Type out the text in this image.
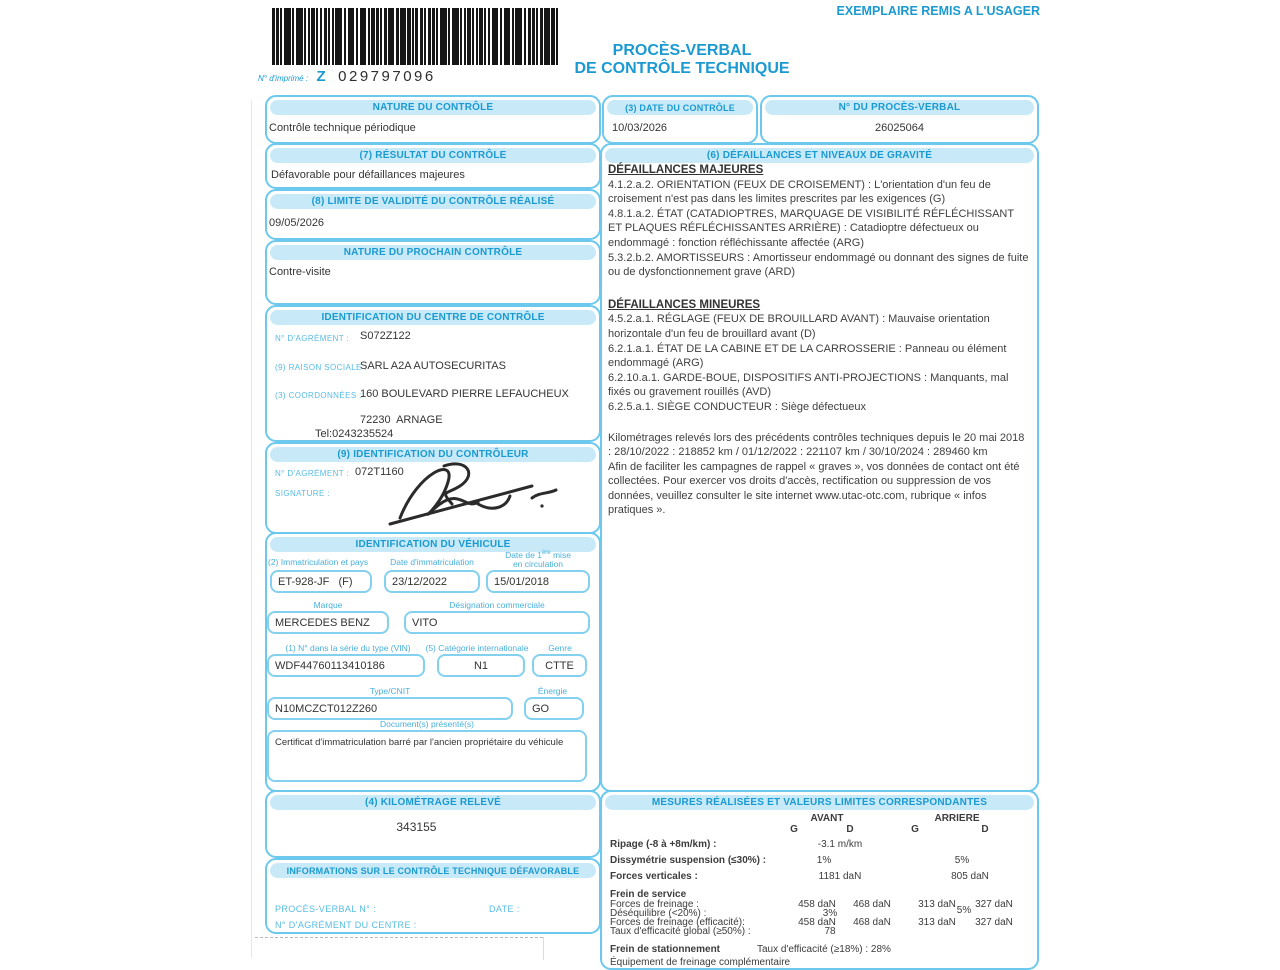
EXEMPLAIRE REMIS A L'USAGER
N° d'imprimé : Z 029797096
PROCÈS-VERBAL
DE CONTRÔLE TECHNIQUE
NATURE DU CONTRÔLE
Contrôle technique périodique
(3) DATE DU CONTRÔLE
10/03/2026
N° DU PROCÈS-VERBAL
26025064
(7) RÉSULTAT DU CONTRÔLE
Défavorable pour défaillances majeures
(8) LIMITE DE VALIDITÉ DU CONTRÔLE RÉALISÉ
09/05/2026
NATURE DU PROCHAIN CONTRÔLE
Contre-visite
IDENTIFICATION DU CENTRE DE CONTRÔLE
N° D'AGRÉMENT : S072Z122
(9) RAISON SOCIALE :
SARL A2A AUTOSECURITAS
(3) COORDONNÉES :
160 BOULEVARD PIERRE LEFAUCHEUX
72230  ARNAGE
Tel:0243235524
(9) IDENTIFICATION DU CONTRÔLEUR
N° D'AGRÉMENT : 072T1160
SIGNATURE :
IDENTIFICATION DU VÉHICULE
(2) Immatriculation et pays	Date d'immatriculation
Date de 1ère mise
en circulation
ET-928-JF   (F)	23/12/2022	15/01/2018
Marque	Désignation commerciale
MERCEDES BENZ	VITO
(1) N° dans la série du type (VIN)	(5) Catégorie internationale	Genre
WDF44760113410186	N1	CTTE
Type/CNIT	Énergie
N10MCZCT012Z260	GO
Document(s) présenté(s)
Certificat d'immatriculation barré par l'ancien propriétaire du véhicule
(6) DÉFAILLANCES ET NIVEAUX DE GRAVITÉ

DÉFAILLANCES MAJEURES

4.1.2.a.2. ORIENTATION (FEUX DE CROISEMENT) : L'orientation d'un feu de croisement n'est pas dans les limites prescrites par les exigences (G)

4.8.1.a.2. ÉTAT (CATADIOPTRES, MARQUAGE DE VISIBILITÉ RÉFLÉCHISSANT ET PLAQUES RÉFLÉCHISSANTES ARRIÈRE) : Catadioptre défectueux ou endommagé : fonction réfléchissante affectée (ARG)

5.3.2.b.2. AMORTISSEURS : Amortisseur endommagé ou donnant des signes de fuite ou de dysfonctionnement grave (ARD)

DÉFAILLANCES MINEURES

4.5.2.a.1. RÉGLAGE (FEUX DE BROUILLARD AVANT) : Mauvaise orientation horizontale d'un feu de brouillard avant (D)

6.2.1.a.1. ÉTAT DE LA CABINE ET DE LA CARROSSERIE : Panneau ou élément endommagé (ARG)

6.2.10.a.1. GARDE-BOUE, DISPOSITIFS ANTI-PROJECTIONS : Manquants, mal fixés ou gravement rouillés (AVD)

6.2.5.a.1. SIÈGE CONDUCTEUR : Siège défectueux

Kilométrages relevés lors des précédents contrôles techniques depuis le 20 mai 2018 : 28/10/2022 : 218852 km / 01/12/2022 : 221107 km / 30/10/2024 : 289460 km

Afin de faciliter les campagnes de rappel « graves », vos données de contact ont été collectées. Pour exercer vos droits d'accès, rectification ou suppression de vos données, veuillez consulter le site internet www.utac-otc.com, rubrique « infos pratiques ».

(4) KILOMÉTRAGE RELEVÉ
343155
INFORMATIONS SUR LE CONTRÔLE TECHNIQUE DÉFAVORABLE
PROCÈS-VERBAL N° :	DATE :
N° D'AGRÉMENT DU CENTRE :
MESURES RÉALISÉES ET VALEURS LIMITES CORRESPONDANTES
AVANT	ARRIERE
G	D	G	D
Ripage (-8 à +8m/km) :	-3.1 m/km
Dissymétrie suspension (≤30%) :	1%	5%
Forces verticales :	1181 daN	805 daN
Frein de service
Forces de freinage :	458 daN	468 daN	313 daN	327 daN
Déséquilibre (<20%) :	3%	5%
Forces de freinage (efficacité):	458 daN	468 daN	313 daN	327 daN
Taux d'efficacité global (≥50%) :	78
Frein de stationnement	Taux d'efficacité (≥18%) : 28%
Équipement de freinage complémentaire
